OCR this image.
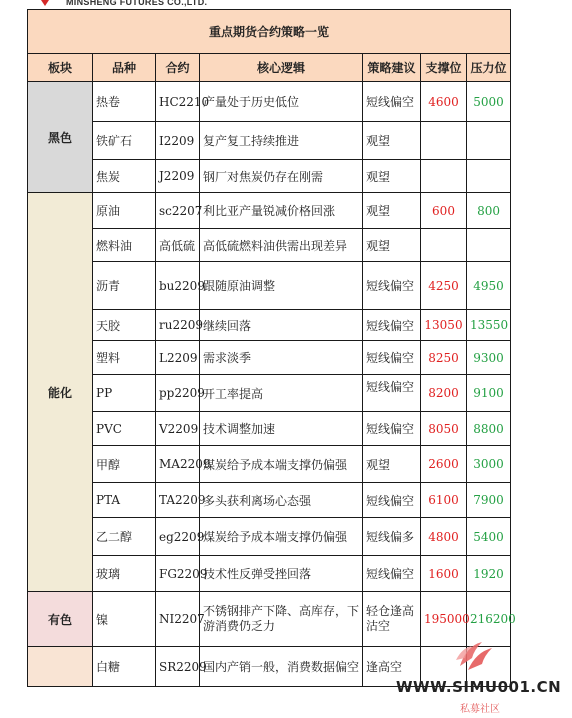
MINSHENG FUTURES CO.,LTD.
重点期货合约策略一览						
板块	品种	合约	核心逻辑	策略建议	支撑位	压力位
黑色	热卷	HC2210	产量处于历史低位	短线偏空	4600	5000
	铁矿石	I2209	复产复工持续推进	观望		
	焦炭	J2209	钢厂对焦炭仍存在刚需	观望		
能化	原油	sc2207	利比亚产量锐减价格回涨	观望	600	800
	燃料油	高低硫	高低硫燃料油供需出现差异	观望		
	沥青	bu2209	跟随原油调整	短线偏空	4250	4950
	天胶	ru2209	继续回落	短线偏空	13050	13550
	塑料	L2209	需求淡季	短线偏空	8250	9300
	PP	pp2209	开工率提高	短线偏空	8200	9100
	PVC	V2209	技术调整加速	短线偏空	8050	8800
	甲醇	MA2209	煤炭给予成本端支撑仍偏强	观望	2600	3000
	PTA	TA2209	多头获利离场心态强	短线偏空	6100	7900
	乙二醇	eg2209	煤炭给予成本端支撑仍偏强	短线偏多	4800	5400
	玻璃	FG2209	技术性反弹受挫回落	短线偏空	1600	1920
有色	镍	NI2207	不锈钢排产下降、高库存，下游消费仍乏力	轻仓逢高沽空	195000	216200
	白糖	SR2209	国内产销一般，消费数据偏空	逢高空		
WWW.SIMU001.CN
私募社区
